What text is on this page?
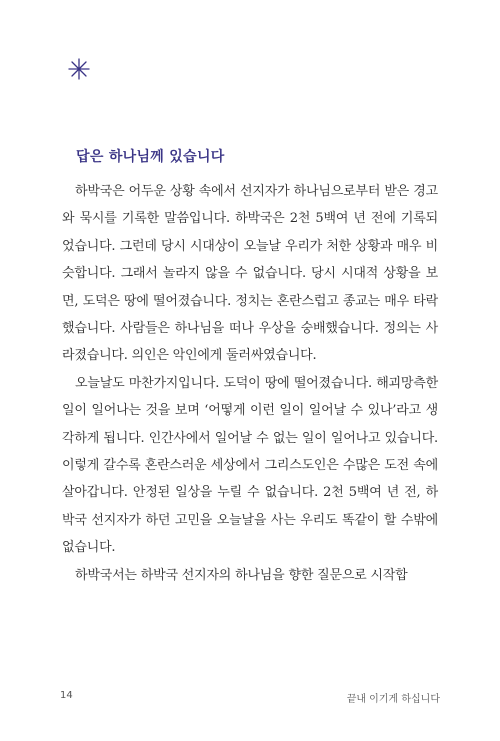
답은 하나님께 있습니다

하박국은 어두운 상황 속에서 선지자가 하나님으로부터 받은 경고와 묵시를 기록한 말씀입니다. 하박국은 2천 5백여 년 전에 기록되었습니다. 그런데 당시 시대상이 오늘날 우리가 처한 상황과 매우 비슷합니다. 그래서 놀라지 않을 수 없습니다. 당시 시대적 상황을 보면, 도덕은 땅에 떨어졌습니다. 정치는 혼란스럽고 종교는 매우 타락했습니다. 사람들은 하나님을 떠나 우상을 숭배했습니다. 정의는 사라졌습니다. 의인은 악인에게 둘러싸였습니다.

오늘날도 마찬가지입니다. 도덕이 땅에 떨어졌습니다. 해괴망측한 일이 일어나는 것을 보며 ‘어떻게 이런 일이 일어날 수 있나’라고 생각하게 됩니다. 인간사에서 일어날 수 없는 일이 일어나고 있습니다. 이렇게 갈수록 혼란스러운 세상에서 그리스도인은 수많은 도전 속에 살아갑니다. 안정된 일상을 누릴 수 없습니다. 2천 5백여 년 전, 하박국 선지자가 하던 고민을 오늘날을 사는 우리도 똑같이 할 수밖에 없습니다.

하박국서는 하박국 선지자의 하나님을 향한 질문으로 시작합

14	끝내 이기게 하십니다
